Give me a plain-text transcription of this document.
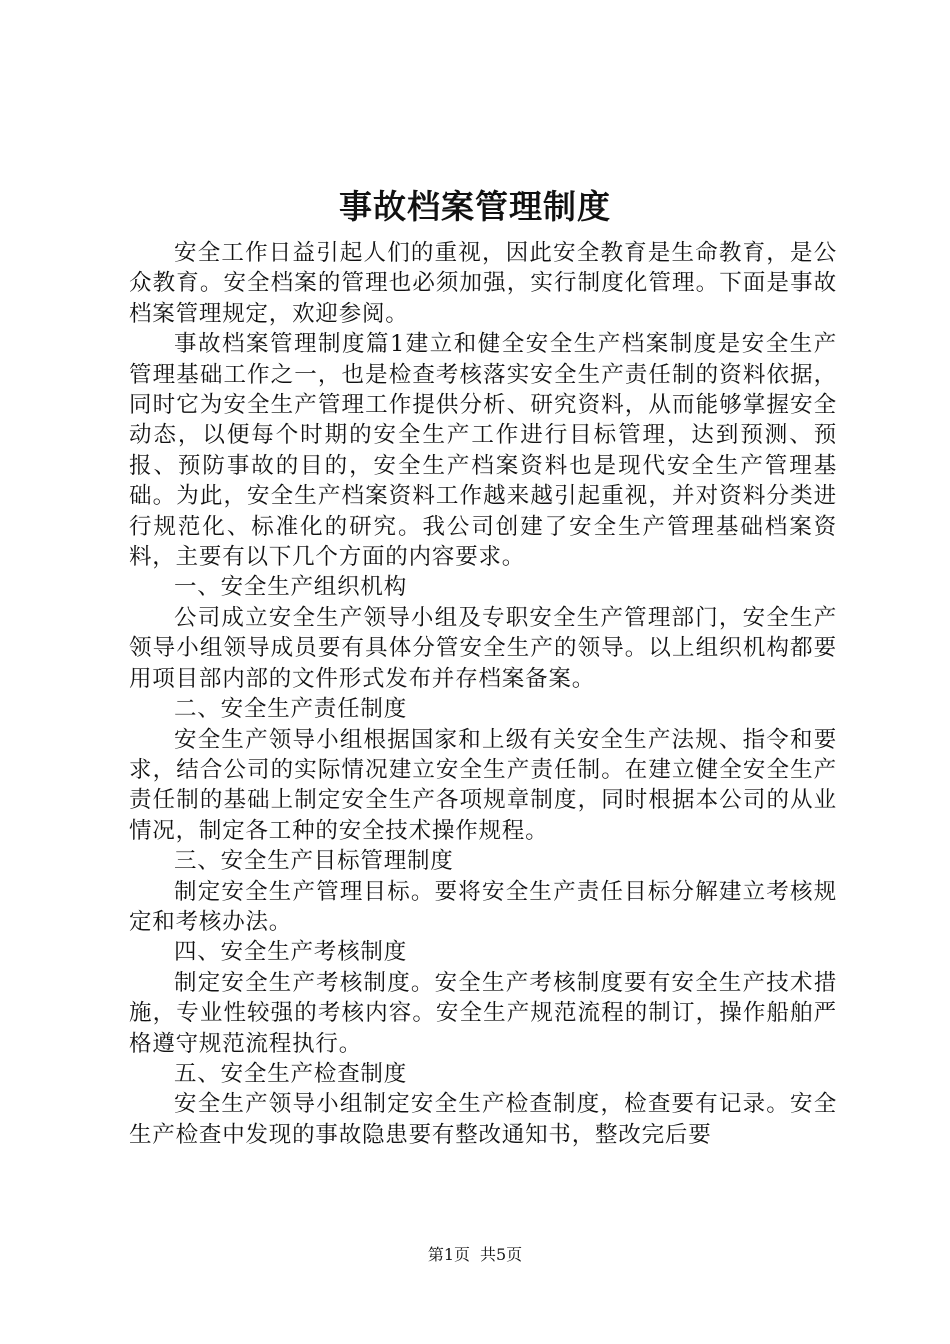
事故档案管理制度

安全工作日益引起人们的重视，因此安全教育是生命教育，是公众教育。安全档案的管理也必须加强，实行制度化管理。下面是事故档案管理规定，欢迎参阅。

事故档案管理制度篇1建立和健全安全生产档案制度是安全生产管理基础工作之一，也是检查考核落实安全生产责任制的资料依据，同时它为安全生产管理工作提供分析、研究资料，从而能够掌握安全动态，以便每个时期的安全生产工作进行目标管理，达到预测、预报、预防事故的目的，安全生产档案资料也是现代安全生产管理基础。为此，安全生产档案资料工作越来越引起重视，并对资料分类进行规范化、标准化的研究。我公司创建了安全生产管理基础档案资料，主要有以下几个方面的内容要求。

一、安全生产组织机构

公司成立安全生产领导小组及专职安全生产管理部门，安全生产领导小组领导成员要有具体分管安全生产的领导。以上组织机构都要用项目部内部的文件形式发布并存档案备案。

二、安全生产责任制度

安全生产领导小组根据国家和上级有关安全生产法规、指令和要求，结合公司的实际情况建立安全生产责任制。在建立健全安全生产责任制的基础上制定安全生产各项规章制度，同时根据本公司的从业情况，制定各工种的安全技术操作规程。

三、安全生产目标管理制度

制定安全生产管理目标。要将安全生产责任目标分解建立考核规定和考核办法。

四、安全生产考核制度

制定安全生产考核制度。安全生产考核制度要有安全生产技术措施，专业性较强的考核内容。安全生产规范流程的制订，操作船舶严格遵守规范流程执行。

五、安全生产检查制度

安全生产领导小组制定安全生产检查制度，检查要有记录。安全生产检查中发现的事故隐患要有整改通知书，整改完后要

第1页 共5页
